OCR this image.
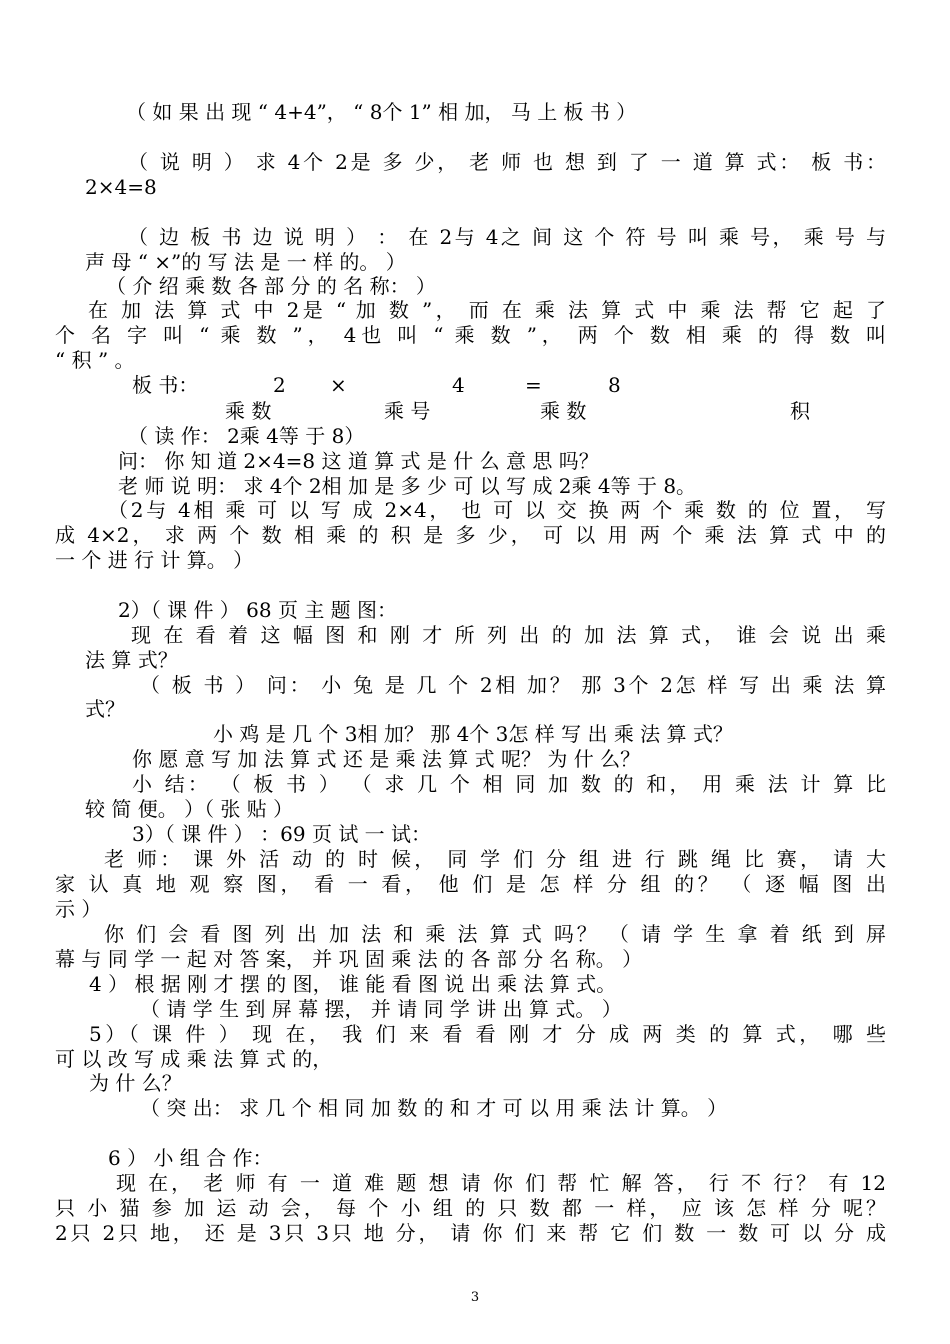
（ 如 果 出 现 “ 4+4”， “ 8个 1” 相 加， 马 上 板 书 ）
（ 说 明 ） 求 4个 2是 多 少， 老 师 也 想 到 了 一 道 算 式： 板 书：
2×4=8
（ 边 板 书 边 说 明 ） ： 在 2与 4之 间 这 个 符 号 叫 乘 号， 乘 号 与
声 母 “ ×”的 写 法 是 一 样 的。 ）
（ 介 绍 乘 数 各 部 分 的 名 称： ）
在 加 法 算 式 中 2是 “ 加 数 ”， 而 在 乘 法 算 式 中 乘 法 帮 它 起 了
个 名 字 叫 “ 乘 数 ”， 4也 叫 “ 乘 数 ”， 两 个 数 相 乘 的 得 数 叫
“ 积 ” 。
板 书：	2 ×	4	=	8
乘 数	乘 号	乘 数	积
（ 读 作： 2乘 4等 于 8）
问： 你 知 道 2×4=8 这 道 算 式 是 什 么 意 思 吗？
老 师 说 明： 求 4个 2相 加 是 多 少 可 以 写 成 2乘 4等 于 8。
（2与 4相 乘 可 以 写 成 2×4， 也 可 以 交 换 两 个 乘 数 的 位 置， 写
成 4×2， 求 两 个 数 相 乘 的 积 是 多 少， 可 以 用 两 个 乘 法 算 式 中 的
一 个 进 行 计 算。 ）
2）（ 课 件 ） 68 页 主 题 图：
现 在 看 着 这 幅 图 和 刚 才 所 列 出 的 加 法 算 式， 谁 会 说 出 乘
法 算 式？
（ 板 书 ） 问： 小 兔 是 几 个 2相 加？ 那 3个 2怎 样 写 出 乘 法 算
式？
小 鸡 是 几 个 3相 加？ 那 4个 3怎 样 写 出 乘 法 算 式？
你 愿 意 写 加 法 算 式 还 是 乘 法 算 式 呢？ 为 什 么？
小 结： （ 板 书 ） （ 求 几 个 相 同 加 数 的 和， 用 乘 法 计 算 比
较 简 便。 ）（ 张 贴 ）
3）（ 课 件 ） ：69 页 试 一 试：
老 师： 课 外 活 动 的 时 候， 同 学 们 分 组 进 行 跳 绳 比 赛， 请 大
家 认 真 地 观 察 图， 看 一 看， 他 们 是 怎 样 分 组 的？ （ 逐 幅 图 出
示 ）
你 们 会 看 图 列 出 加 法 和 乘 法 算 式 吗？ （ 请 学 生 拿 着 纸 到 屏
幕 与 同 学 一 起 对 答 案， 并 巩 固 乘 法 的 各 部 分 名 称。 ）
4 ） 根 据 刚 才 摆 的 图， 谁 能 看 图 说 出 乘 法 算 式。
（ 请 学 生 到 屏 幕 摆， 并 请 同 学 讲 出 算 式。 ）
5）（ 课 件 ） 现 在， 我 们 来 看 看 刚 才 分 成 两 类 的 算 式， 哪 些
可 以 改 写 成 乘 法 算 式 的，
为 什 么？
（ 突 出： 求 几 个 相 同 加 数 的 和 才 可 以 用 乘 法 计 算。 ）
6 ） 小 组 合 作：
现 在， 老 师 有 一 道 难 题 想 请 你 们 帮 忙 解 答， 行 不 行？ 有 12
只 小 猫 参 加 运 动 会， 每 个 小 组 的 只 数 都 一 样， 应 该 怎 样 分 呢？
2只 2只 地， 还 是 3只 3只 地 分， 请 你 们 来 帮 它 们 数 一 数 可 以 分 成
3
